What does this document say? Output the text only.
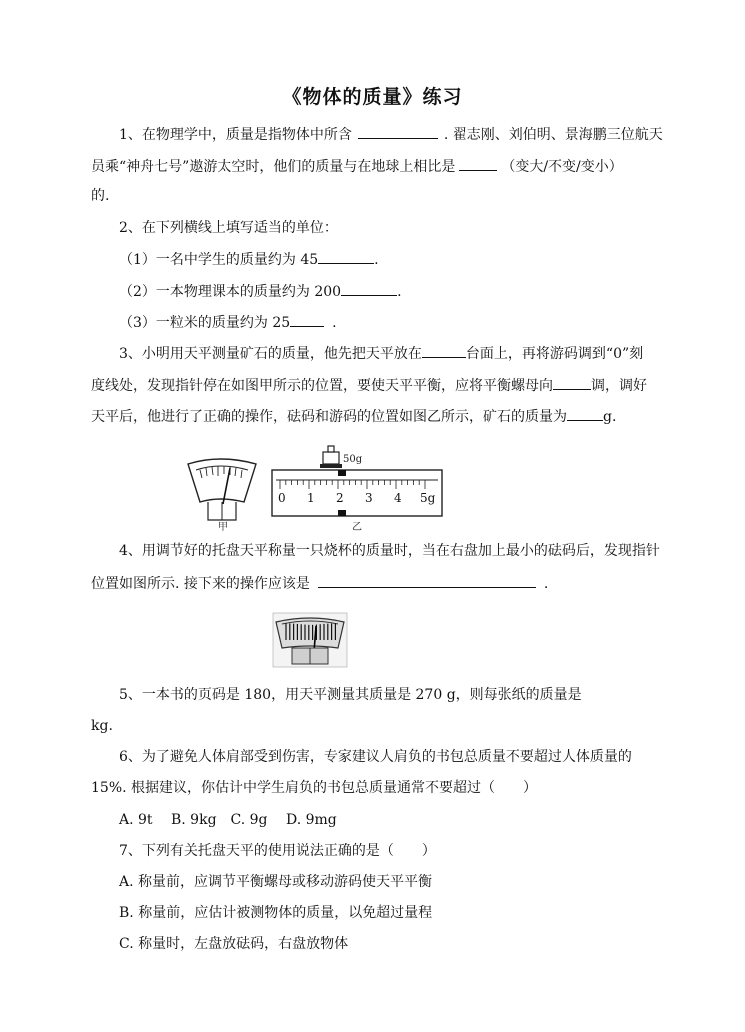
《物体的质量》练习
1、在物理学中，质量是指物体中所含	. 翟志刚、刘伯明、景海鹏三位航天
员乘“神舟七号”遨游太空时，他们的质量与在地球上相比是	（变大/不变/变小）
的.
2、在下列横线上填写适当的单位：
（1）一名中学生的质量约为 45	.
（2）一本物理课本的质量约为 200	.
（3）一粒米的质量约为 25	.
3、小明用天平测量矿石的质量，他先把天平放在	台面上，再将游码调到“0”刻
度线处，发现指针停在如图甲所示的位置，要使天平平衡，应将平衡螺母向	调，调好
天平后，他进行了正确的操作，砝码和游码的位置如图乙所示，矿石的质量为	g.
甲
50g
0 1 2 3 4 5g
乙
4、用调节好的托盘天平称量一只烧杯的质量时，当在右盘加上最小的砝码后，发现指针
位置如图所示. 接下来的操作应该是	.
5、一本书的页码是 180，用天平测量其质量是 270 g，则每张纸的质量是
kg.
6、为了避免人体肩部受到伤害，专家建议人肩负的书包总质量不要超过人体质量的
15%. 根据建议，你估计中学生肩负的书包总质量通常不要超过（　　）
A. 9t　 B. 9kg　C. 9g　 D. 9mg
7、下列有关托盘天平的使用说法正确的是（　　）
A. 称量前，应调节平衡螺母或移动游码使天平平衡
B. 称量前，应估计被测物体的质量，以免超过量程
C. 称量时，左盘放砝码，右盘放物体
